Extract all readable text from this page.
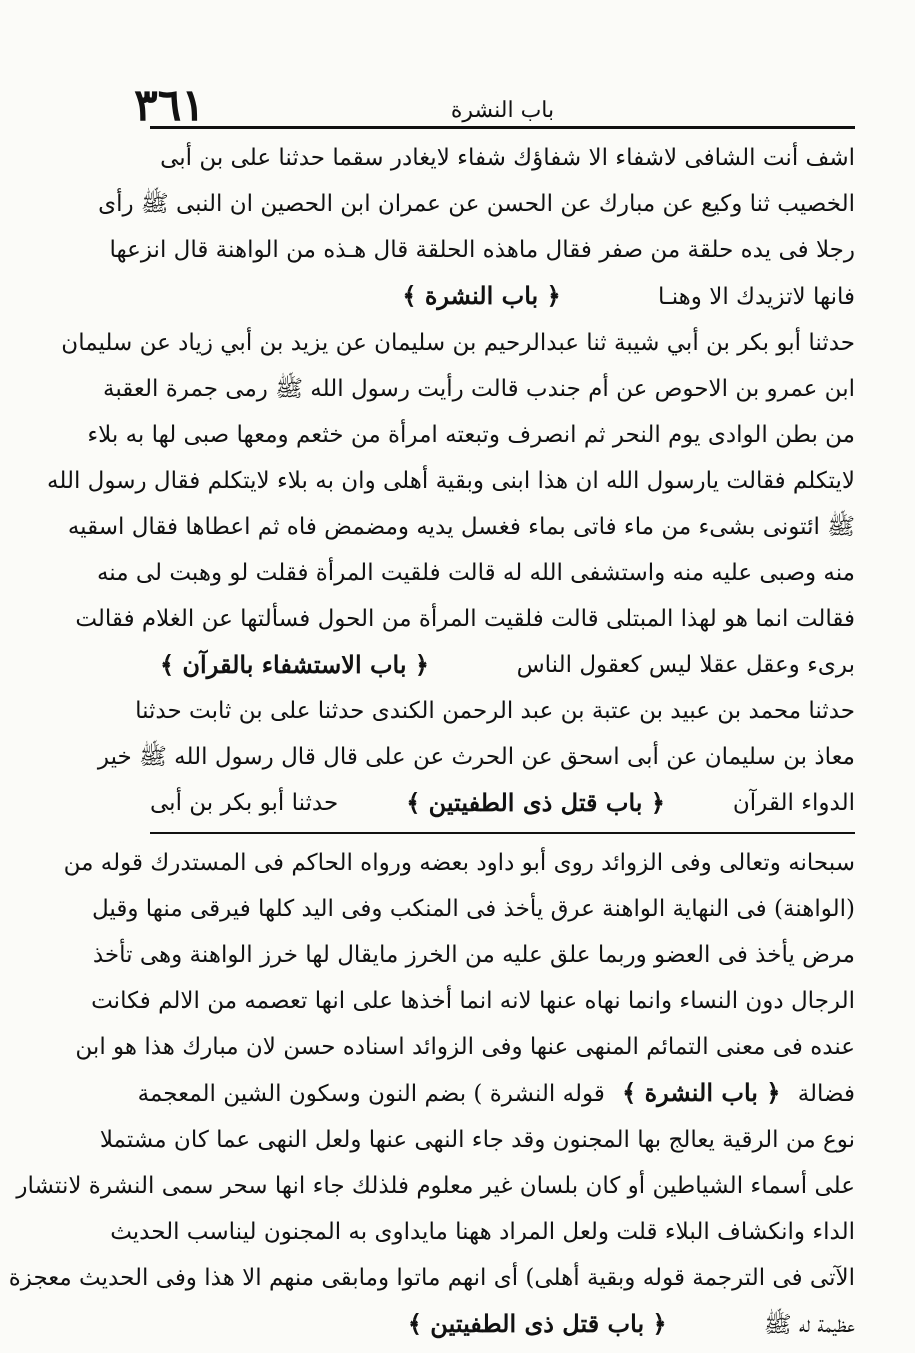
٣٦١	باب النشرة
اشف أنت الشافى لاشفاء الا شفاؤك شفاء لايغادر سقما حدثنا على بن أبى
الخصيب ثنا وكيع عن مبارك عن الحسن عن عمران ابن الحصين ان النبى ﷺ رأى
رجلا فى يده حلقة من صفر فقال ماهذه الحلقة قال هـذه من الواهنة قال انزعها
فانها لاتزيدك الا وهنـا ﴿ باب النشرة ﴾
حدثنا أبو بكر بن أبي شيبة ثنا عبدالرحيم بن سليمان عن يزيد بن أبي زياد عن سليمان
ابن عمرو بن الاحوص عن أم جندب قالت رأيت رسول الله ﷺ رمى جمرة العقبة
من بطن الوادى يوم النحر ثم انصرف وتبعته امرأة من خثعم ومعها صبى لها به بلاء
لايتكلم فقالت يارسول الله ان هذا ابنى وبقية أهلى وان به بلاء لايتكلم فقال رسول الله
ﷺ ائتونى بشىء من ماء فاتى بماء فغسل يديه ومضمض فاه ثم اعطاها فقال اسقيه
منه وصبى عليه منه واستشفى الله له قالت فلقيت المرأة فقلت لو وهبت لى منه
فقالت انما هو لهذا المبتلى قالت فلقيت المرأة من الحول فسألتها عن الغلام فقالت
برىء وعقل عقلا ليس كعقول الناس
﴿ باب الاستشفاء بالقرآن ﴾
حدثنا محمد بن عبيد بن عتبة بن عبد الرحمن الكندى حدثنا على بن ثابت حدثنا
معاذ بن سليمان عن أبى اسحق عن الحرث عن على قال قال رسول الله ﷺ خير
الدواء القرآن
﴿ باب قتل ذى الطفيتين ﴾
حدثنا أبو بكر بن أبى
سبحانه وتعالى وفى الزوائد روى أبو داود بعضه ورواه الحاكم فى المستدرك قوله من
(الواهنة) فى النهاية الواهنة عرق يأخذ فى المنكب وفى اليد كلها فيرقى منها وقيل
مرض يأخذ فى العضو وربما علق عليه من الخرز مايقال لها خرز الواهنة وهى تأخذ
الرجال دون النساء وانما نهاه عنها لانه انما أخذها على انها تعصمه من الالم فكانت
عنده فى معنى التمائم المنهى عنها وفى الزوائد اسناده حسن لان مبارك هذا هو ابن
فضالة ﴿ باب النشرة ﴾ قوله النشرة ) بضم النون وسكون الشين المعجمة
نوع من الرقية يعالج بها المجنون وقد جاء النهى عنها ولعل النهى عما كان مشتملا
على أسماء الشياطين أو كان بلسان غير معلوم فلذلك جاء انها سحر سمى النشرة لانتشار
الداء وانكشاف البلاء قلت ولعل المراد ههنا مايداوى به المجنون ليناسب الحديث
الآتى فى الترجمة قوله وبقية أهلى) أى انهم ماتوا ومابقى منهم الا هذا وفى الحديث معجزة
عظيمة له ﷺ ﴿ باب قتل ذى الطفيتين ﴾
